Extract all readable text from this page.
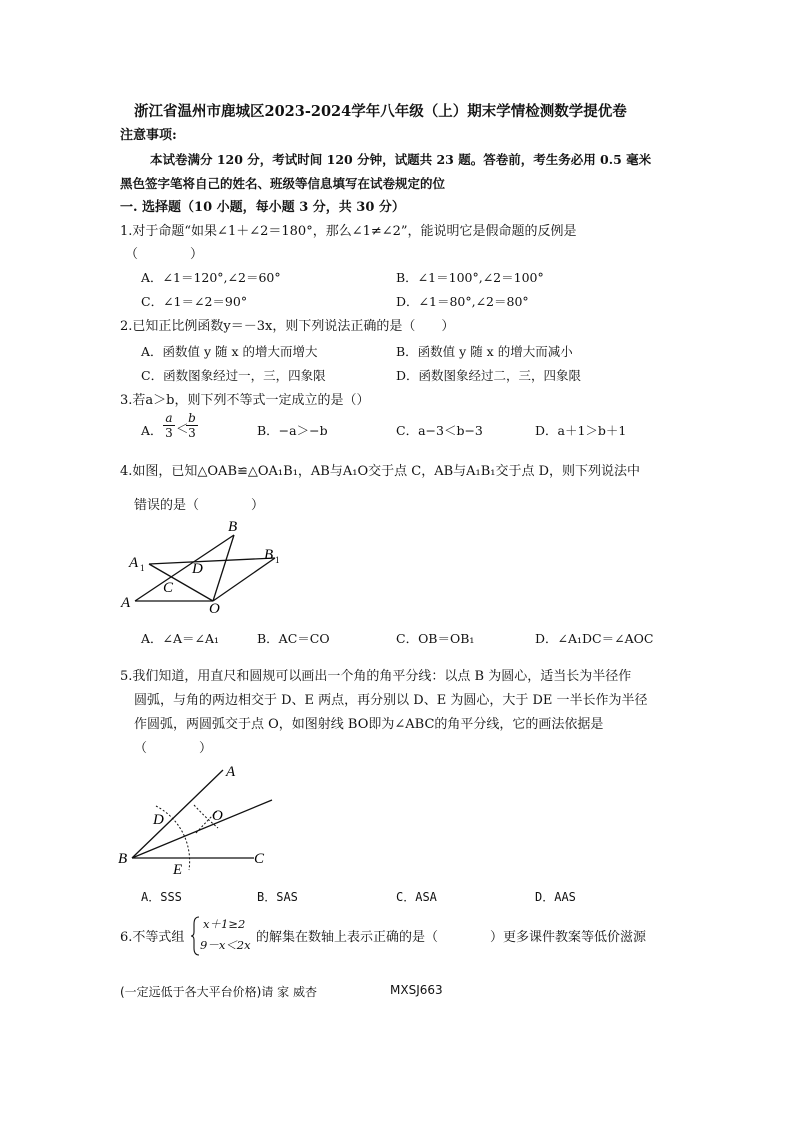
浙江省温州市鹿城区2023-2024学年八年级（上）期末学情检测数学提优卷
注意事项:
本试卷满分 120 分，考试时间 120 分钟，试题共 23 题。答卷前，考生务必用 0.5 毫米
黑色签字笔将自己的姓名、班级等信息填写在试卷规定的位
一. 选择题（10 小题，每小题 3 分，共 30 分）
1.对于命题“如果∠1＋∠2＝180°，那么∠1≠∠2”，能说明它是假命题的反例是
（　　　　）
A．∠1＝120°,∠2＝60°	B．∠1＝100°,∠2＝100°
C．∠1＝∠2＝90°	D．∠1＝80°,∠2＝80°
2.已知正比例函数y＝－3x，则下列说法正确的是（　　）
A．函数值 y 随 x 的增大而增大	B．函数值 y 随 x 的增大而减小
C．函数图象经过一，三，四象限	D．函数图象经过二，三，四象限
3.若a＞b，则下列不等式一定成立的是（）
A． $\frac{a}{3}$ ＜
$\frac{b}{3}$	B．−a＞−b	C．a−3＜b−3	D．a＋1＞b＋1
4.如图，已知△OAB≌△OA₁B₁，AB与A₁O交于点 C，AB与A₁B₁交于点 D，则下列说法中
错误的是（　　　　）
B
B 1
A 1	D
C
A	O
A．∠A＝∠A₁	B．AC＝CO	C．OB＝OB₁	D．∠A₁DC＝∠AOC
5.我们知道，用直尺和圆规可以画出一个角的角平分线：以点 B 为圆心，适当长为半径作
圆弧，与角的两边相交于 D、E 两点，再分别以 D、E 为圆心，大于 DE 一半长作为半径
作圆弧，两圆弧交于点 O，如图射线 BO即为∠ABC的角平分线，它的画法依据是
（　　　　）
A
D	O
B
E
C
A．SSS	B．SAS	C．ASA	D．AAS
6.不等式组
x＋1≥2
9－x＜2x 的解集在数轴上表示正确的是（　　　　）更多课件教案等低价滋源
(一定远低于各大平台价格)请 家 威杏	MXSJ663
